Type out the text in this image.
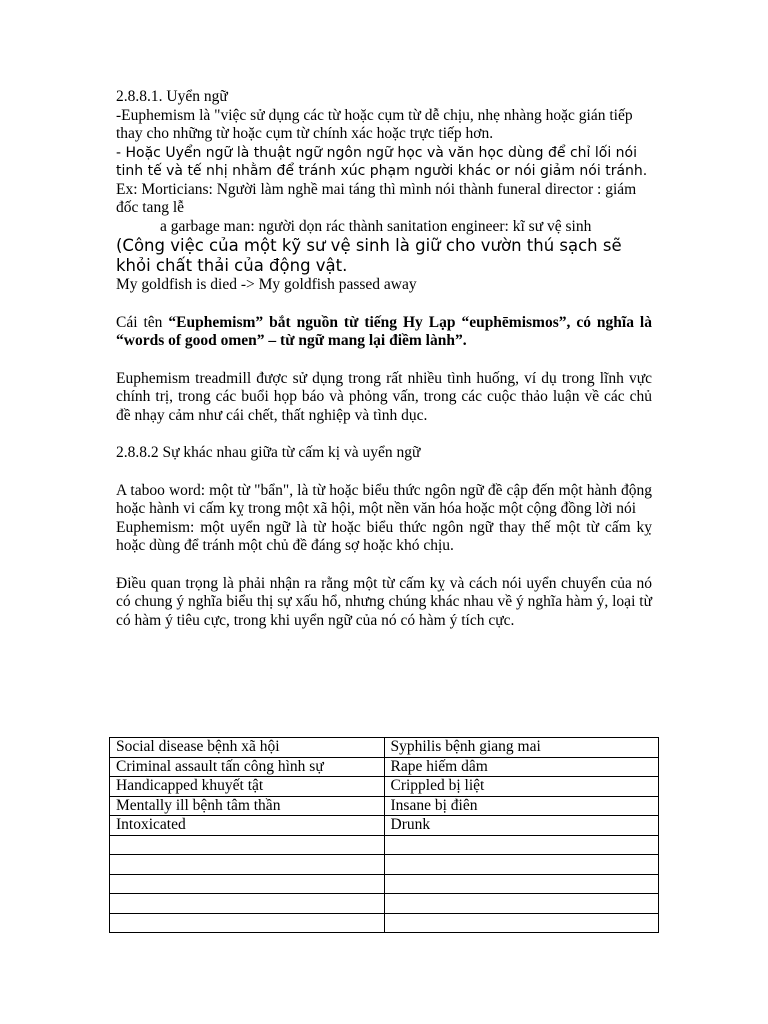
2.8.8.1. Uyển ngữ

-Euphemism là "việc sử dụng các từ hoặc cụm từ dễ chịu, nhẹ nhàng hoặc gián tiếp thay cho những từ hoặc cụm từ chính xác hoặc trực tiếp hơn.

- Hoặc Uyển ngữ là thuật ngữ ngôn ngữ học và văn học dùng để chỉ lối nói tinh tế và tế nhị nhằm để tránh xúc phạm người khác or nói giảm nói tránh.

Ex: Morticians: Người làm nghề mai táng thì mình nói thành funeral director : giám đốc tang lễ

a garbage man: người dọn rác thành sanitation engineer: kĩ sư vệ sinh

(Công việc của một kỹ sư vệ sinh là giữ cho vườn thú sạch sẽ khỏi chất thải của động vật.

My goldfish is died -> My goldfish passed away

Cái tên “Euphemism” bắt nguồn từ tiếng Hy Lạp “euphēmismos”, có nghĩa là “words of good omen” – từ ngữ mang lại điềm lành”.

Euphemism treadmill được sử dụng trong rất nhiều tình huống, ví dụ trong lĩnh vực chính trị, trong các buổi họp báo và phỏng vấn, trong các cuộc thảo luận về các chủ đề nhạy cảm như cái chết, thất nghiệp và tình dục.

2.8.8.2 Sự khác nhau giữa từ cấm kị và uyển ngữ

A taboo word: một từ "bẩn", là từ hoặc biểu thức ngôn ngữ đề cập đến một hành động hoặc hành vi cấm kỵ trong một xã hội, một nền văn hóa hoặc một cộng đồng lời nói

Euphemism: một uyển ngữ là từ hoặc biểu thức ngôn ngữ thay thế một từ cấm kỵ hoặc dùng để tránh một chủ đề đáng sợ hoặc khó chịu.

Điều quan trọng là phải nhận ra rằng một từ cấm kỵ và cách nói uyển chuyển của nó có chung ý nghĩa biểu thị sự xấu hổ, nhưng chúng khác nhau về ý nghĩa hàm ý, loại từ có hàm ý tiêu cực, trong khi uyển ngữ của nó có hàm ý tích cực.

Social disease bệnh xã hội	Syphilis bệnh giang mai
Criminal assault tấn công hình sự	Rape hiếm dâm
Handicapped khuyết tật	Crippled bị liệt
Mentally ill bệnh tâm thần	Insane bị điên
Intoxicated	Drunk
